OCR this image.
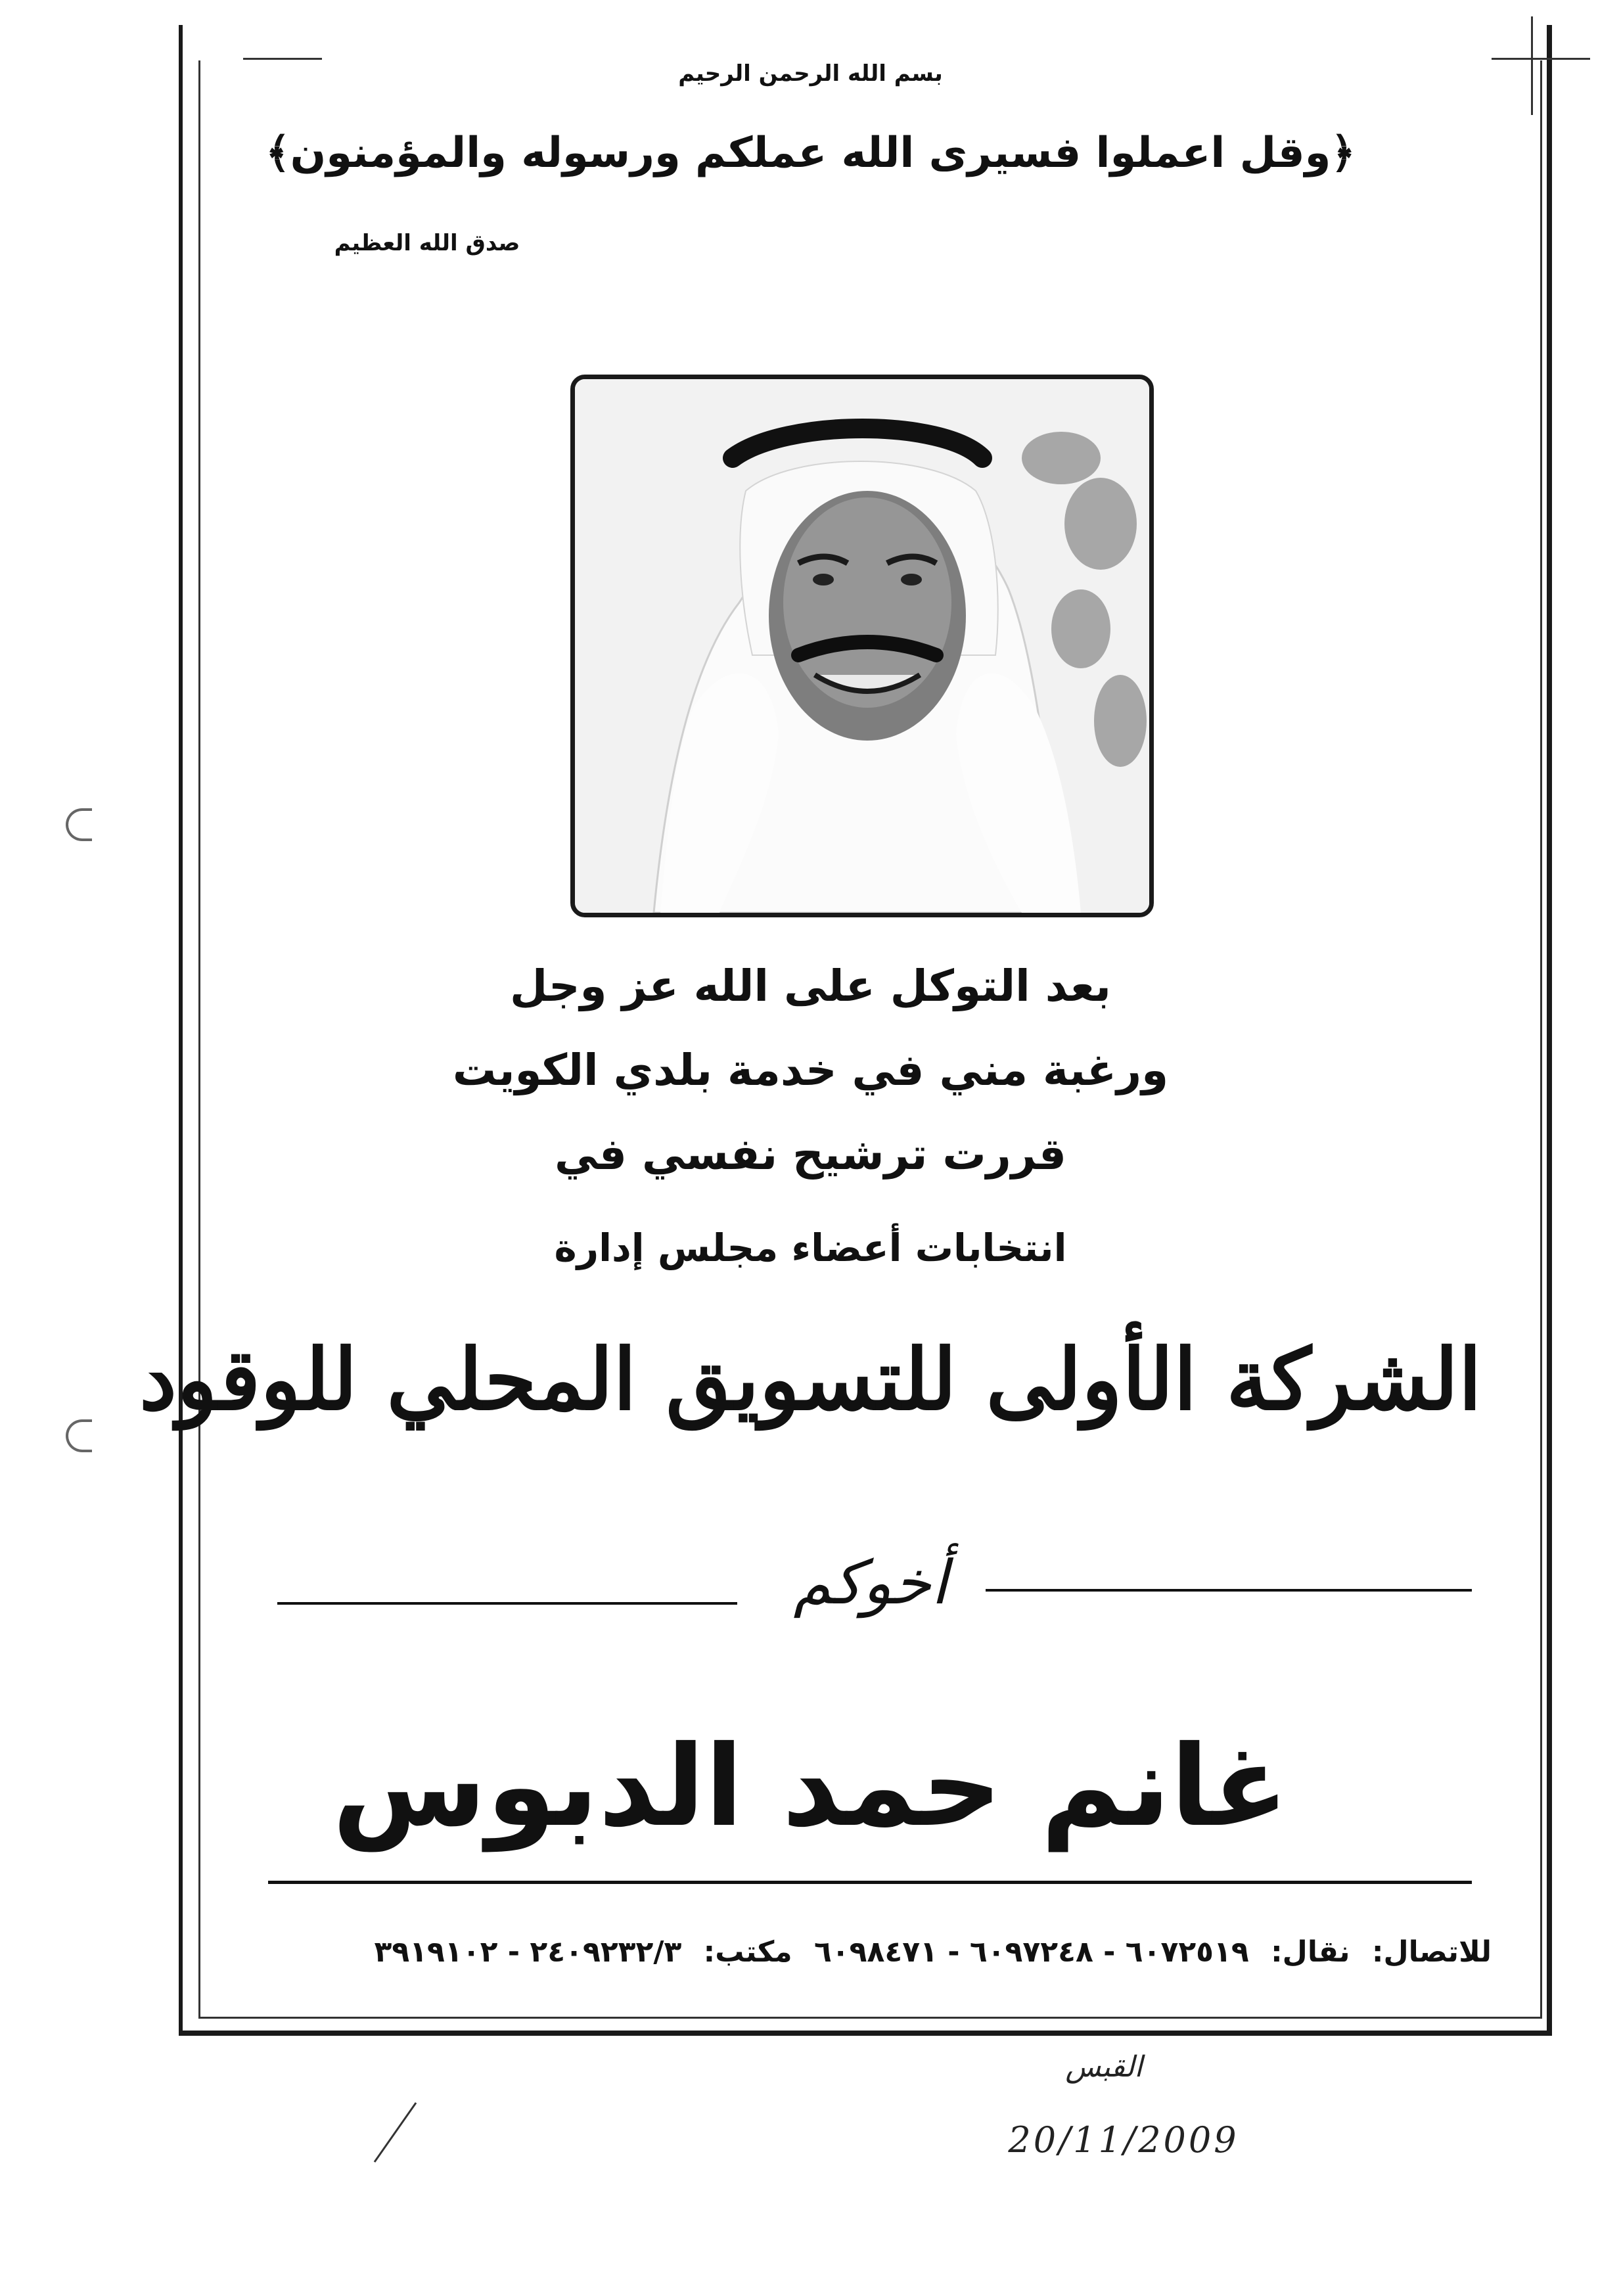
بسم الله الرحمن الرحيم
﴿وقل اعملوا فسيرى الله عملكم ورسوله والمؤمنون﴾
صدق الله العظيم
بعد التوكل على الله عز وجل
ورغبة مني في خدمة بلدي الكويت
قررت ترشيح نفسي في
انتخابات أعضاء مجلس إدارة
الشركة الأولى للتسويق المحلي للوقود
أخوكم
غانم حمد الدبوس
للاتصال: نقال: ٦٠٧٢٥١٩ - ٦٠٩٧٢٤٨ - ٦٠٩٨٤٧١ مكتب: ٢٤٠٩٢٣٢/٣ - ٣٩١٩١٠٢
القبس
20/11/2009
